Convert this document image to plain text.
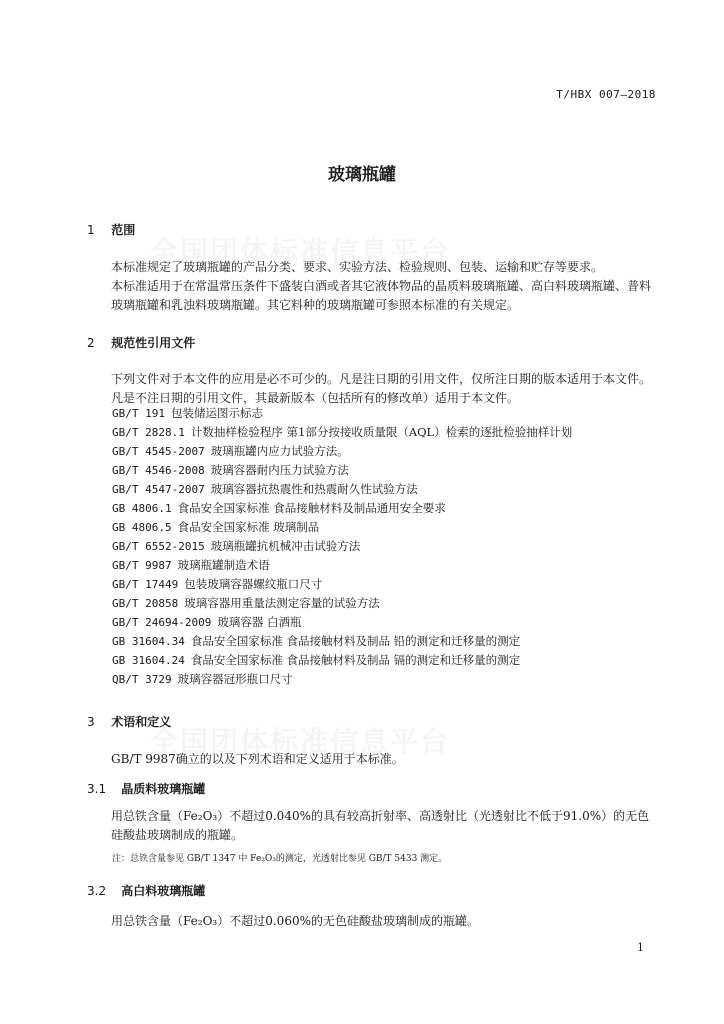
T/HBX 007—2018
玻璃瓶罐
1 范围
本标准规定了玻璃瓶罐的产品分类、要求、实验方法、检验规则、包装、运输和贮存等要求。
本标准适用于在常温常压条件下盛装白酒或者其它液体物品的晶质料玻璃瓶罐、高白料玻璃瓶罐、普料玻璃瓶罐和乳浊料玻璃瓶罐。其它料种的玻璃瓶罐可参照本标准的有关规定。
2 规范性引用文件
下列文件对于本文件的应用是必不可少的。凡是注日期的引用文件，仅所注日期的版本适用于本文件。凡是不注日期的引用文件，其最新版本（包括所有的修改单）适用于本文件。
GB/T 191 包装储运图示标志
GB/T 2828.1 计数抽样检验程序 第1部分按接收质量限（AQL）检索的逐批检验抽样计划
GB/T 4545-2007 玻璃瓶罐内应力试验方法。
GB/T 4546-2008 玻璃容器耐内压力试验方法
GB/T 4547-2007 玻璃容器抗热震性和热震耐久性试验方法
GB 4806.1 食品安全国家标准 食品接触材料及制品通用安全要求
GB 4806.5 食品安全国家标准 玻璃制品
GB/T 6552-2015 玻璃瓶罐抗机械冲击试验方法
GB/T 9987 玻璃瓶罐制造术语
GB/T 17449 包装玻璃容器螺纹瓶口尺寸
GB/T 20858 玻璃容器用重量法测定容量的试验方法
GB/T 24694-2009 玻璃容器 白酒瓶
GB 31604.34 食品安全国家标准 食品接触材料及制品 铅的测定和迁移量的测定
GB 31604.24 食品安全国家标准 食品接触材料及制品 镉的测定和迁移量的测定
QB/T 3729 玻璃容器冠形瓶口尺寸
3 术语和定义
GB/T 9987确立的以及下列术语和定义适用于本标准。
3.1 晶质料玻璃瓶罐
用总铁含量（Fe₂O₃）不超过0.040%的具有较高折射率、高透射比（光透射比不低于91.0%）的无色硅酸盐玻璃制成的瓶罐。
注：总铁含量参见 GB/T 1347 中 Fe₂O₃的测定，光透射比参见 GB/T 5433 测定。
3.2 高白料玻璃瓶罐
用总铁含量（Fe₂O₃）不超过0.060%的无色硅酸盐玻璃制成的瓶罐。
1
